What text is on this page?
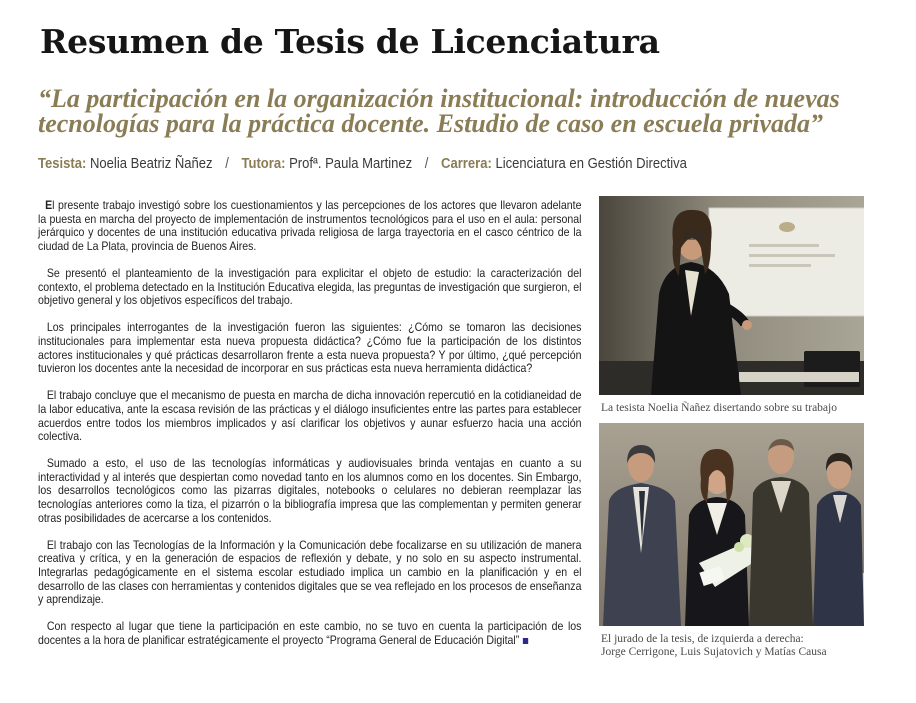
Resumen de Tesis de Licenciatura
“La participación en la organización institucional: introducción de nuevas tecnologías para la práctica docente. Estudio de caso en escuela privada”
Tesista: Noelia Beatriz Ñañez / Tutora: Profª. Paula Martinez / Carrera: Licenciatura en Gestión Directiva

El presente trabajo investigó sobre los cuestionamientos y las percepciones de los actores que llevaron adelante la puesta en marcha del proyecto de implementación de instrumentos tecnológicos para el uso en el aula: personal jerárquico y docentes de una institución educativa privada religiosa de larga trayectoria en el casco céntrico de la ciudad de La Plata, provincia de Buenos Aires.

Se presentó el planteamiento de la investigación para explicitar el objeto de estudio: la caracterización del contexto, el problema detectado en la Institución Educativa elegida, las preguntas de investigación que surgieron, el objetivo general y los objetivos específicos del trabajo.

Los principales interrogantes de la investigación fueron las siguientes: ¿Cómo se tomaron las decisiones institucionales para implementar esta nueva propuesta didáctica? ¿Cómo fue la participación de los distintos actores institucionales y qué prácticas desarrollaron frente a esta nueva propuesta? Y por último, ¿qué percepción tuvieron los docentes ante la necesidad de incorporar en sus prácticas esta nueva herramienta didáctica?

El trabajo concluye que el mecanismo de puesta en marcha de dicha innovación repercutió en la cotidianeidad de la labor educativa, ante la escasa revisión de las prácticas y el diálogo insuficientes entre las partes para establecer acuerdos entre todos los miembros implicados y así clarificar los objetivos y aunar esfuerzo hacia una acción colectiva.

Sumado a esto, el uso de las tecnologías informáticas y audiovisuales brinda ventajas en cuanto a su interactividad y al interés que despiertan como novedad tanto en los alumnos como en los docentes. Sin Embargo, los desarrollos tecnológicos como las pizarras digitales, notebooks o celulares no debieran reemplazar las tecnologías anteriores como la tiza, el pizarrón o la bibliografía impresa que las complementan y permiten generar otras posibilidades de acercarse a los contenidos.

El trabajo con las Tecnologías de la Información y la Comunicación debe focalizarse en su utilización de manera creativa y crítica, y en la generación de espacios de reflexión y debate, y no solo en su aspecto instrumental. Integrarlas pedagógicamente en el sistema escolar estudiado implica un cambio en la planificación y en el desarrollo de las clases con herramientas y contenidos digitales que se vea reflejado en los procesos de enseñanza y aprendizaje.

Con respecto al lugar que tiene la participación en este cambio, no se tuvo en cuenta la participación de los docentes a la hora de planificar estratégicamente el proyecto “Programa General de Educación Digital”

La tesista Noelia Ñañez disertando sobre su trabajo
El jurado de la tesis, de izquierda a derecha:
Jorge Cerrigone, Luis Sujatovich y Matías Causa
